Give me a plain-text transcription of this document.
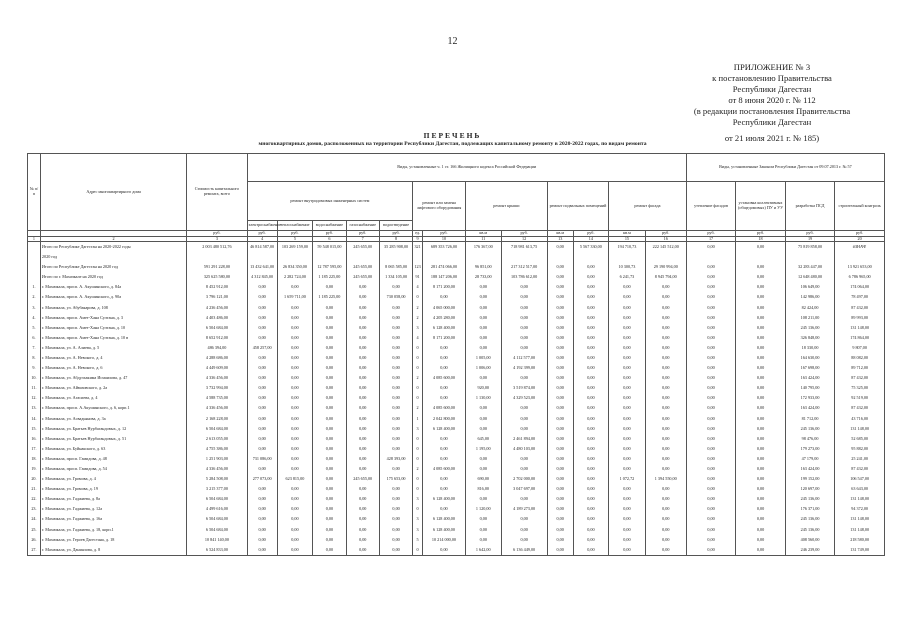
12
ПРИЛОЖЕНИЕ № 3
к постановлению Правительства
Республики Дагестан
от 8 июня 2020 г. № 112
(в редакции постановления Правительства
Республики Дагестан
от 21 июля 2021 г. № 185)
ПЕРЕЧЕНЬ
многоквартирных домов, расположенных на территории Республики Дагестан, подлежащих капитальному ремонту в 2020-2022 годах, по видам ремонта
№ п/п	Адрес многоквартирного дома	Стоимость капитального ремонта, всего	Виды, установленные ч. 1 ст. 166 Жилищного кодекса Российской Федерации													Виды, установленные Законом Республики Дагестан от 09.07.2013 г. № 57			
			ремонт внутридомовых инженерных систем					ремонт или замена лифтового оборудования		ремонт крыши		ремонт подвальных помещений		ремонт фасада		утепление фасадов	установка коллективных (общедомовых) ПУ и УУ	разработка ПСД	строительный контроль
			электроснабжение	теплоснабжение	водоснабжение	газоснабжение	водоотведение												
		руб.	руб.	руб.	руб.	руб.	руб.	ед.	руб.	кв.м	руб.	кв.м	руб.	кв.м	руб.	руб.	руб.	руб.	руб.
1	2	3	4	5	6	7	8	9	10	11	12	13	14	15	16	17	18	19	20
	Итого по Республике Дагестан на 2020-2022 годы	2 003 480 512,76	46 814 587,00	103 269 159,00	59 548 015,00	245 655,00	35 285 908,00	321	689 353 726,00	176 367,00	718 981 613,75	0,00	5 567 330,00	194 710,73	222 145 512,00	0,00	0,00	75 819 858,00	#ЗНАЧ!
	2020 год																		
	Итого по Республике Дагестан на 2020 год	591 291 228,00	13 432 641,00	26 834 350,00	12 787 595,00	245 655,00	8 065 585,00	123	281 474 066,00	96 851,00	217 312 517,00	0,00	0,00	10 300,73	29 190 994,00	0,00	0,00	32 283 447,00	13 921 653,00
	Итого по г. Махачкале на 2020 год	325 625 580,00	4 312 845,00	2 282 724,00	1 185 225,00	245 655,00	1 334 105,00	91	188 147 206,00	28 733,00	103 786 612,00	0,00	0,00	6 241,73	8 945 794,00	0,00	0,00	12 648 480,00	6 786 965,00
1.	г. Махачкала, просп. А. Акушинского, д. 84а	8 452 912,00	0,00	0,00	0,00	0,00	0,00	4	8 171 200,00	0,00	0,00	0,00	0,00	0,00	0,00	0,00	0,00	106 649,00	174 064,00
2.	г. Махачкала, просп. А. Акушинского, д. 90а	3 796 121,00	0,00	1 659 711,00	1 185 225,00	0,00	730 058,00	0	0,00	0,00	0,00	0,00	0,00	0,00	0,00	0,00	0,00	142 986,00	78 497,00
3.	г. Махачкала, ул. Абубакарова, д. 108	4 236 456,00	0,00	0,00	0,00	0,00	0,00	2	4 065 000,00	0,00	0,00	0,00	0,00	0,00	0,00	0,00	0,00	82 424,00	87 432,00
4.	г. Махачкала, просп. Амет-Хана Султана, д. 3	4 403 486,00	0,00	0,00	0,00	0,00	0,00	2	4 205 280,00	0,00	0,00	0,00	0,00	0,00	0,00	0,00	0,00	108 211,00	89 993,00
5.	г. Махачкала, просп. Амет-Хана Султана, д. 10	6 504 684,00	0,00	0,00	0,00	0,00	0,00	3	6 128 400,00	0,00	0,00	0,00	0,00	0,00	0,00	0,00	0,00	245 136,00	131 148,00
6.	г. Махачкала, просп. Амет-Хана Султана, д. 10 в	8 652 912,00	0,00	0,00	0,00	0,00	0,00	4	8 171 200,00	0,00	0,00	0,00	0,00	0,00	0,00	0,00	0,00	326 848,00	174 864,00
7.	г. Махачкала, ул. А. Алиева, д. 5	486 394,00	458 257,00	0,00	0,00	0,00	0,00	0	0,00	0,00	0,00	0,00	0,00	0,00	0,00	0,00	0,00	18 330,00	9 807,00
8.	г. Махачкала, ул. А. Невского, д. 4	4 288 686,00	0,00	0,00	0,00	0,00	0,00	0	0,00	1 005,00	4 112 577,00	0,00	0,00	0,00	0,00	0,00	0,00	164 630,00	88 082,00
9.	г. Махачкала, ул. А. Невского, д. 6	4 449 609,00	0,00	0,00	0,00	0,00	0,00	0	0,00	1 006,00	4 192 399,00	0,00	0,00	0,00	0,00	0,00	0,00	167 698,00	89 712,00
10.	г. Махачкала, ул. Абдулхакима Исмаилова, д. 47	4 336 456,00	0,00	0,00	0,00	0,00	0,00	2	4 085 600,00	0,00	0,00	0,00	0,00	0,00	0,00	0,00	0,00	163 424,00	87 432,00
11.	г. Махачкала, ул. Айвазовского, д. 2а	3 732 994,00	0,00	0,00	0,00	0,00	0,00	0	0,00	920,00	3 519 874,00	0,00	0,00	0,00	0,00	0,00	0,00	140 795,00	75 325,00
12.	г. Махачкала, ул. Агасиева, д. 4	4 588 735,00	0,00	0,00	0,00	0,00	0,00	0	0,00	1 130,00	4 329 523,00	0,00	0,00	0,00	0,00	0,00	0,00	172 933,00	92 519,00
13.	г. Махачкала, просп. А.Акушинского, д. 6, корп.1	4 336 456,00	0,00	0,00	0,00	0,00	0,00	2	4 085 600,00	0,00	0,00	0,00	0,00	0,00	0,00	0,00	0,00	163 424,00	87 432,00
14.	г. Махачкала, ул. Асвадьянова, д. 3а	2 168 228,00	0,00	0,00	0,00	0,00	0,00	1	2 042 800,00	0,00	0,00	0,00	0,00	0,00	0,00	0,00	0,00	81 712,00	43 716,00
15.	г. Махачкала, ул. Братьев Нурбагандовых, д. 12	6 504 684,00	0,00	0,00	0,00	0,00	0,00	3	6 128 400,00	0,00	0,00	0,00	0,00	0,00	0,00	0,00	0,00	245 136,00	131 148,00
16.	г. Махачкала, ул. Братьев Нурбагандовых, д. 51	2 613 055,00	0,00	0,00	0,00	0,00	0,00	0	0,00	645,00	2 461 894,00	0,00	0,00	0,00	0,00	0,00	0,00	98 476,00	52 685,00
17.	г. Махачкала, ул. Буйнакского, д. 63	4 755 386,00	0,00	0,00	0,00	0,00	0,00	0	0,00	1 195,00	4 480 103,00	0,00	0,00	0,00	0,00	0,00	0,00	179 273,00	95 882,00
18.	г. Махачкала, просп. Гамидова, д. 48	1 251 903,00	731 086,00	0,00	0,00	0,00	428 393,00	0	0,00	0,00	0,00	0,00	0,00	0,00	0,00	0,00	0,00	47 179,00	25 241,00
19.	г. Махачкала, просп. Гамидова, д. 54	4 336 456,00	0,00	0,00	0,00	0,00	0,00	2	4 085 600,00	0,00	0,00	0,00	0,00	0,00	0,00	0,00	0,00	163 424,00	87 432,00
20.	г. Махачкала, ул. Громова, д. 4	5 284 508,00	277 073,00	623 815,00	0,00	245 655,00	175 653,00	0	0,00	690,00	2 702 000,00	0,00	0,00	1 072,72	1 394 550,00	0,00	0,00	199 152,00	106 547,00
21.	г. Махачкала, ул. Громова, д. 19	3 215 377,00	0,00	0,00	0,00	0,00	0,00	0	0,00	816,00	3 047 697,00	0,00	0,00	0,00	0,00	0,00	0,00	120 697,00	63 643,00
22.	г. Махачкала, ул. Гаджиева, д. 8а	6 504 684,00	0,00	0,00	0,00	0,00	0,00	3	6 128 400,00	0,00	0,00	0,00	0,00	0,00	0,00	0,00	0,00	245 136,00	131 148,00
23.	г. Махачкала, ул. Гаджиева, д. 12а	4 499 616,00	0,00	0,00	0,00	0,00	0,00	0	0,00	1 120,00	4 189 273,00	0,00	0,00	0,00	0,00	0,00	0,00	176 371,00	94 372,00
24.	г. Махачкала, ул. Гаджиева, д. 16а	6 504 684,00	0,00	0,00	0,00	0,00	0,00	3	6 128 400,00	0,00	0,00	0,00	0,00	0,00	0,00	0,00	0,00	245 136,00	131 148,00
25.	г. Махачкала, ул. Гаджиева, д. 18, корп.1	6 504 684,00	0,00	0,00	0,00	0,00	0,00	3	6 128 400,00	0,00	0,00	0,00	0,00	0,00	0,00	0,00	0,00	245 136,00	131 148,00
26.	г. Махачкала, ул. Героев Дагестана, д. 18	10 841 140,00	0,00	0,00	0,00	0,00	0,00	5	10 214 000,00	0,00	0,00	0,00	0,00	0,00	0,00	0,00	0,00	408 560,00	218 580,00
27.	г. Махачкала, ул. Даниялова, д. 8	6 524 833,00	0,00	0,00	0,00	0,00	0,00	0	0,00	1 642,00	6 136 449,00	0,00	0,00	0,00	0,00	0,00	0,00	246 239,00	131 749,00
